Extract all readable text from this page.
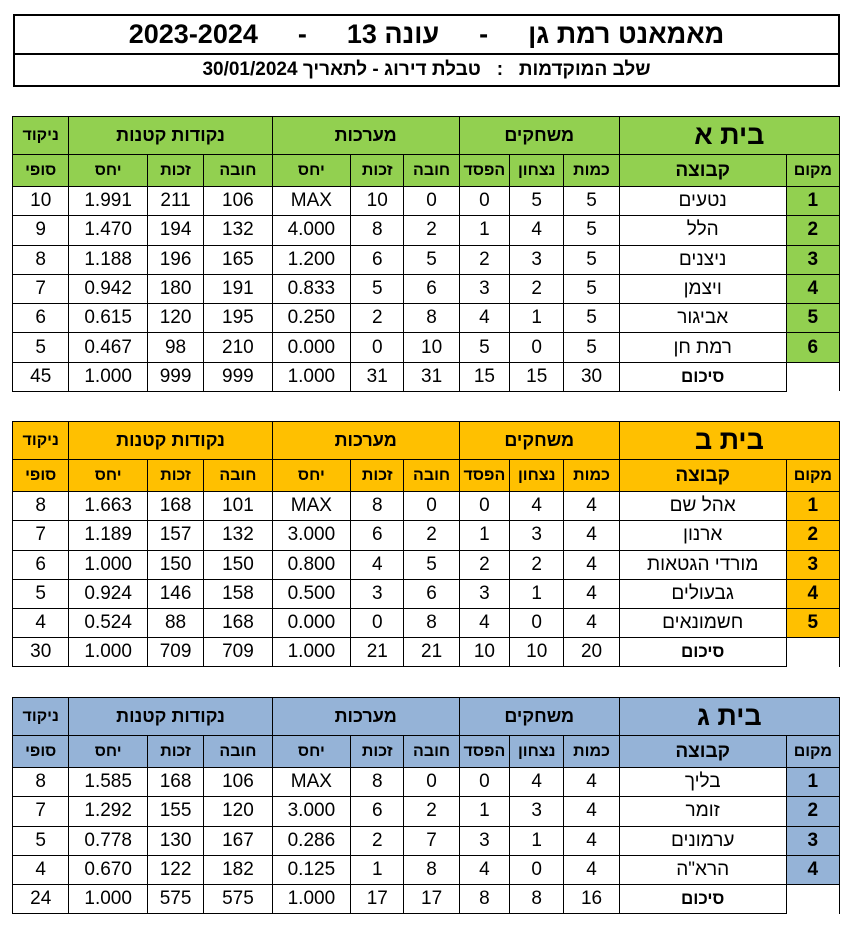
2023-2024 - עונה 13 - מאמאנט רמת גן
שלב המוקדמות   :   טבלת דירוג - לתאריך 30/01/2024
בית א		משחקים			מערכות			נקודות קטנות			ניקוד
מקום	קבוצה	כמות	נצחון	הפסד	חובה	זכות	יחס	חובה	זכות	יחס	סופי
1	נטעים	5	5	0	0	10	MAX	106	211	1.991	10
2	הלל	5	4	1	2	8	4.000	132	194	1.470	9
3	ניצנים	5	3	2	5	6	1.200	165	196	1.188	8
4	ויצמן	5	2	3	6	5	0.833	191	180	0.942	7
5	אביגור	5	1	4	8	2	0.250	195	120	0.615	6
6	רמת חן	5	0	5	10	0	0.000	210	98	0.467	5
	סיכום	30	15	15	31	31	1.000	999	999	1.000	45
בית ב		משחקים			מערכות			נקודות קטנות			ניקוד
מקום	קבוצה	כמות	נצחון	הפסד	חובה	זכות	יחס	חובה	זכות	יחס	סופי
1	אהל שם	4	4	0	0	8	MAX	101	168	1.663	8
2	ארנון	4	3	1	2	6	3.000	132	157	1.189	7
3	מורדי הגטאות	4	2	2	5	4	0.800	150	150	1.000	6
4	גבעולים	4	1	3	6	3	0.500	158	146	0.924	5
5	חשמונאים	4	0	4	8	0	0.000	168	88	0.524	4
	סיכום	20	10	10	21	21	1.000	709	709	1.000	30
בית ג		משחקים			מערכות			נקודות קטנות			ניקוד
מקום	קבוצה	כמות	נצחון	הפסד	חובה	זכות	יחס	חובה	זכות	יחס	סופי
1	בליך	4	4	0	0	8	MAX	106	168	1.585	8
2	זומר	4	3	1	2	6	3.000	120	155	1.292	7
3	ערמונים	4	1	3	7	2	0.286	167	130	0.778	5
4	הרא"ה	4	0	4	8	1	0.125	182	122	0.670	4
	סיכום	16	8	8	17	17	1.000	575	575	1.000	24
